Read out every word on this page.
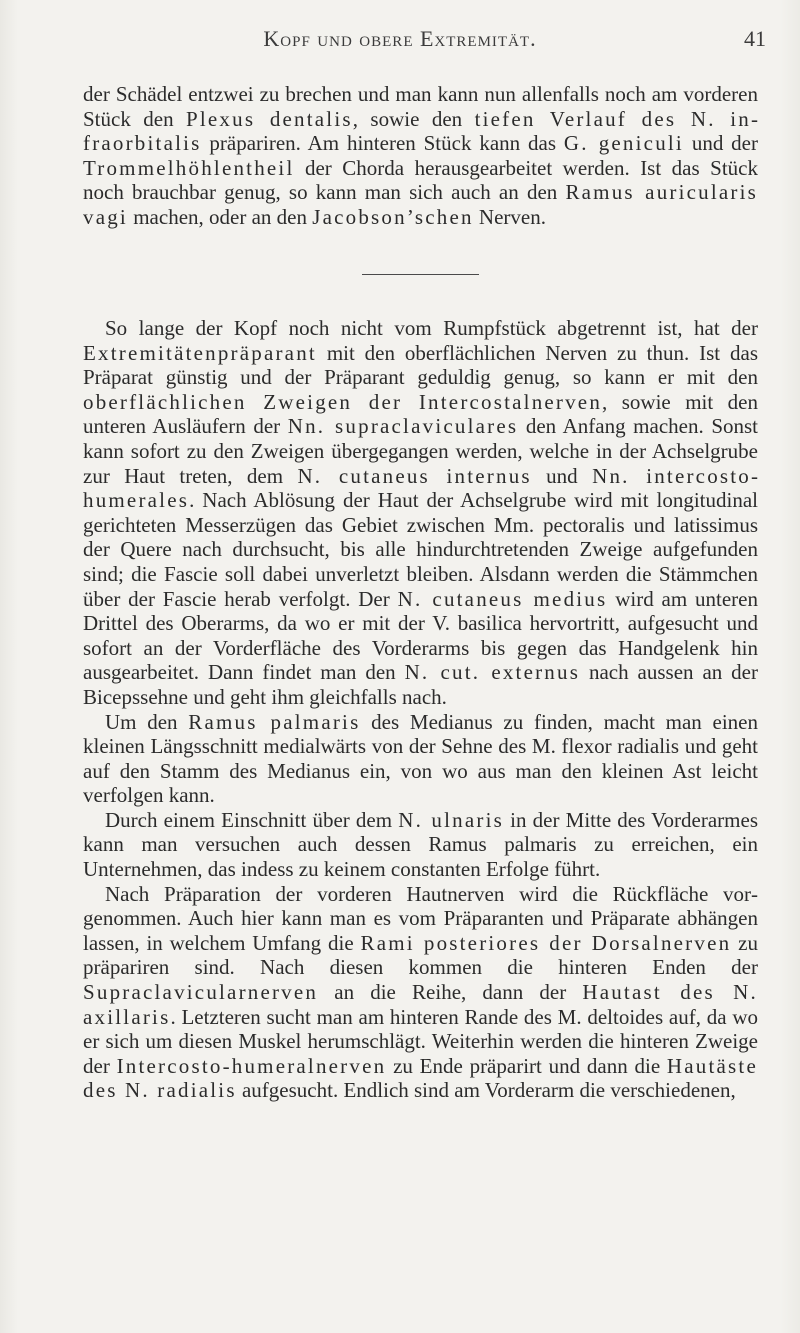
Kopf und obere Extremität.	41

der Schädel entzwei zu brechen und man kann nun allenfalls noch am vorderen Stück den Plexus dentalis, sowie den tiefen Verlauf des N. infraorbitalis präpariren. Am hinteren Stück kann das G. geniculi und der Trommelhöhlentheil der Chorda herausgearbeitet werden. Ist das Stück noch brauchbar genug, so kann man sich auch an den Ramus auricularis vagi machen, oder an den Jacobson’schen Nerven.

So lange der Kopf noch nicht vom Rumpfstück abgetrennt ist, hat der Extremitätenpräparant mit den oberflächlichen Nerven zu thun. Ist das Präparat günstig und der Präparant geduldig genug, so kann er mit den oberflächlichen Zweigen der Intercostalnerven, sowie mit den unteren Ausläufern der Nn. supraclaviculares den Anfang machen. Sonst kann sofort zu den Zweigen übergegangen werden, welche in der Achselgrube zur Haut treten, dem N. cutaneus internus und Nn. intercostohumerales. Nach Ablösung der Haut der Achselgrube wird mit longitudinal gerichteten Messerzügen das Gebiet zwischen Mm. pectoralis und latissimus der Quere nach durchsucht, bis alle hindurchtretenden Zweige aufgefunden sind; die Fascie soll dabei unverletzt bleiben. Alsdann werden die Stämmchen über der Fascie herab verfolgt. Der N. cutaneus medius wird am unteren Drittel des Oberarms, da wo er mit der V. basilica hervortritt, aufgesucht und sofort an der Vorderfläche des Vorderarms bis gegen das Handgelenk hin ausgearbeitet. Dann findet man den N. cut. externus nach aussen an der Bicepssehne und geht ihm gleichfalls nach.

Um den Ramus palmaris des Medianus zu finden, macht man einen kleinen Längsschnitt medialwärts von der Sehne des M. flexor radialis und geht auf den Stamm des Medianus ein, von wo aus man den kleinen Ast leicht verfolgen kann.

Durch einem Einschnitt über dem N. ulnaris in der Mitte des Vorderarmes kann man versuchen auch dessen Ramus palmaris zu erreichen, ein Unternehmen, das indess zu keinem constanten Erfolge führt.

Nach Präparation der vorderen Hautnerven wird die Rückfläche vorgenommen. Auch hier kann man es vom Präparanten und Präparate abhängen lassen, in welchem Umfang die Rami posteriores der Dorsalnerven zu präpariren sind. Nach diesen kommen die hinteren Enden der Supraclavicularnerven an die Reihe, dann der Hautast des N. axillaris. Letzteren sucht man am hinteren Rande des M. deltoides auf, da wo er sich um diesen Muskel herumschlägt. Weiterhin werden die hinteren Zweige der Intercosto-humeralnerven zu Ende präparirt und dann die Hautäste des N. radialis aufgesucht. Endlich sind am Vorderarm die verschiedenen,
